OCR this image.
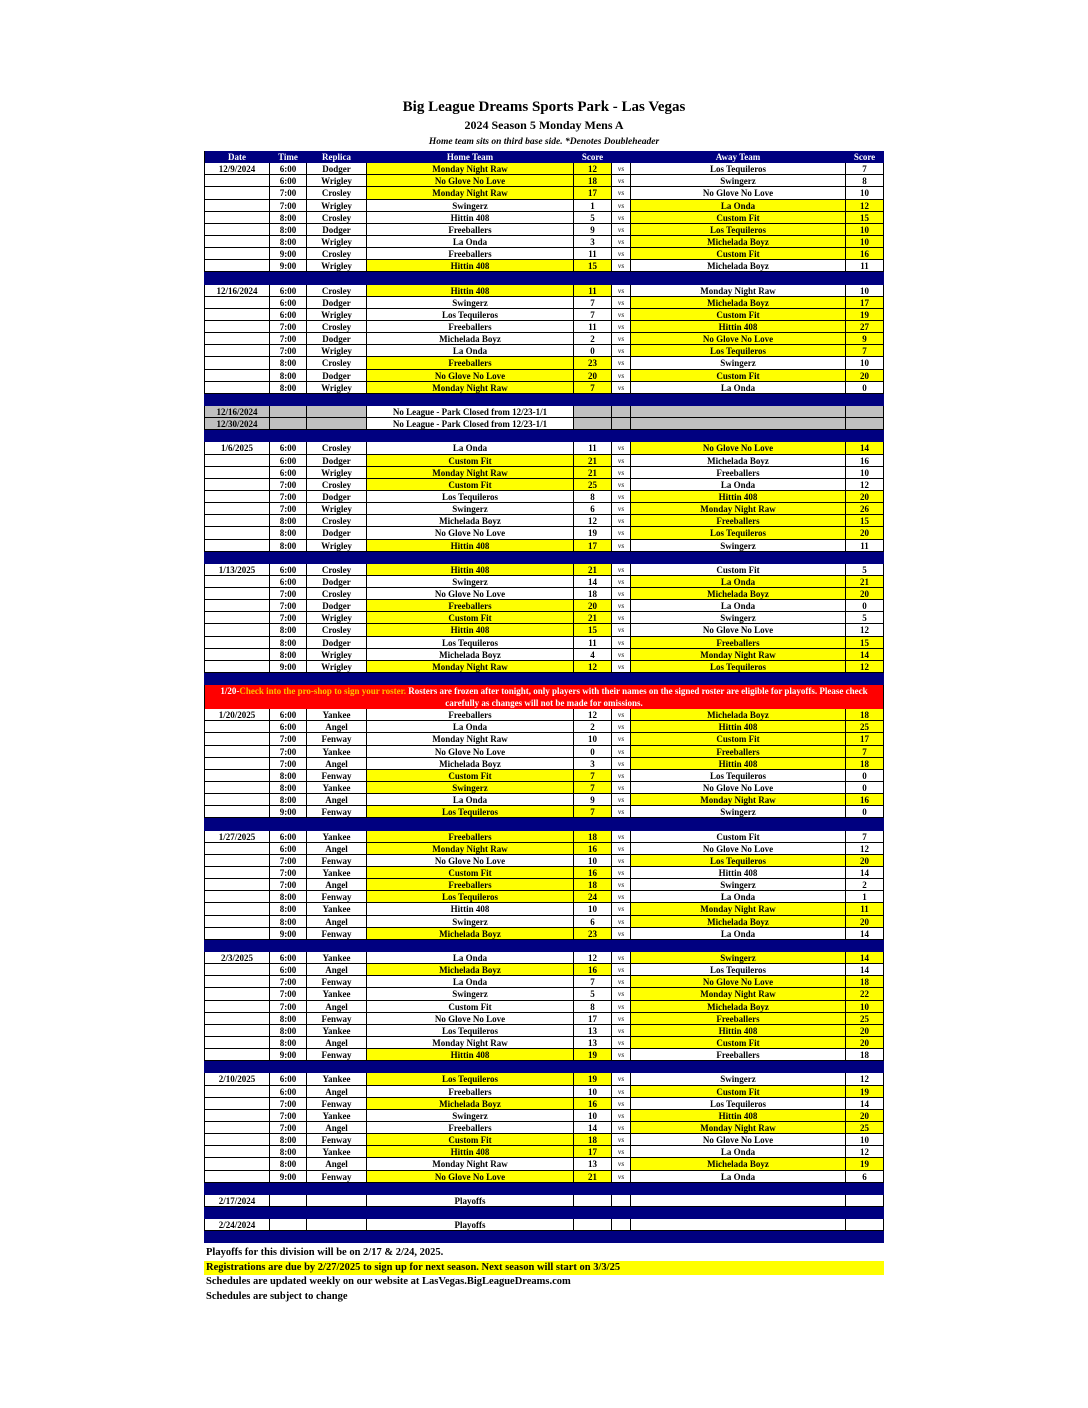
Big League Dreams Sports Park - Las Vegas
2024 Season 5 Monday Mens A
Home team sits on third base side. *Denotes Doubleheader
Date	Time	Replica	Home Team	Score	Away Team	Score
12/9/2024	6:00	Dodger	Monday Night Raw	12	vs	Los Tequileros	7
6:00	Wrigley	No Glove No Love	18	vs	Swingerz	8
7:00	Crosley	Monday Night Raw	17	vs	No Glove No Love	10
7:00	Wrigley	Swingerz	1	vs	La Onda	12
8:00	Crosley	Hittin 408	5	vs	Custom Fit	15
8:00	Dodger	Freeballers	9	vs	Los Tequileros	10
8:00	Wrigley	La Onda	3	vs	Michelada Boyz	10
9:00	Crosley	Freeballers	11	vs	Custom Fit	16
9:00	Wrigley	Hittin 408	15	vs	Michelada Boyz	11
12/16/2024	6:00	Crosley	Hittin 408	11	vs	Monday Night Raw	10
6:00	Dodger	Swingerz	7	vs	Michelada Boyz	17
6:00	Wrigley	Los Tequileros	7	vs	Custom Fit	19
7:00	Crosley	Freeballers	11	vs	Hittin 408	27
7:00	Dodger	Michelada Boyz	2	vs	No Glove No Love	9
7:00	Wrigley	La Onda	0	vs	Los Tequileros	7
8:00	Crosley	Freeballers	23	vs	Swingerz	10
8:00	Dodger	No Glove No Love	20	vs	Custom Fit	20
8:00	Wrigley	Monday Night Raw	7	vs	La Onda	0
12/16/2024	No League - Park Closed from 12/23-1/1
12/30/2024	No League - Park Closed from 12/23-1/1
1/6/2025	6:00	Crosley	La Onda	11	vs	No Glove No Love	14
6:00	Dodger	Custom Fit	21	vs	Michelada Boyz	16
6:00	Wrigley	Monday Night Raw	21	vs	Freeballers	10
7:00	Crosley	Custom Fit	25	vs	La Onda	12
7:00	Dodger	Los Tequileros	8	vs	Hittin 408	20
7:00	Wrigley	Swingerz	6	vs	Monday Night Raw	26
8:00	Crosley	Michelada Boyz	12	vs	Freeballers	15
8:00	Dodger	No Glove No Love	19	vs	Los Tequileros	20
8:00	Wrigley	Hittin 408	17	vs	Swingerz	11
1/13/2025	6:00	Crosley	Hittin 408	21	vs	Custom Fit	5
6:00	Dodger	Swingerz	14	vs	La Onda	21
7:00	Crosley	No Glove No Love	18	vs	Michelada Boyz	20
7:00	Dodger	Freeballers	20	vs	La Onda	0
7:00	Wrigley	Custom Fit	21	vs	Swingerz	5
8:00	Crosley	Hittin 408	15	vs	No Glove No Love	12
8:00	Dodger	Los Tequileros	11	vs	Freeballers	15
8:00	Wrigley	Michelada Boyz	4	vs	Monday Night Raw	14
9:00	Wrigley	Monday Night Raw	12	vs	Los Tequileros	12
1/20-Check into the pro-shop to sign your roster. Rosters are frozen after tonight, only players with their names on the signed roster are eligible for playoffs. Please check carefully as changes will not be made for omissions.
1/20/2025	6:00	Yankee	Freeballers	12	vs	Michelada Boyz	18
6:00	Angel	La Onda	2	vs	Hittin 408	25
7:00	Fenway	Monday Night Raw	10	vs	Custom Fit	17
7:00	Yankee	No Glove No Love	0	vs	Freeballers	7
7:00	Angel	Michelada Boyz	3	vs	Hittin 408	18
8:00	Fenway	Custom Fit	7	vs	Los Tequileros	0
8:00	Yankee	Swingerz	7	vs	No Glove No Love	0
8:00	Angel	La Onda	9	vs	Monday Night Raw	16
9:00	Fenway	Los Tequileros	7	vs	Swingerz	0
1/27/2025	6:00	Yankee	Freeballers	18	vs	Custom Fit	7
6:00	Angel	Monday Night Raw	16	vs	No Glove No Love	12
7:00	Fenway	No Glove No Love	10	vs	Los Tequileros	20
7:00	Yankee	Custom Fit	16	vs	Hittin 408	14
7:00	Angel	Freeballers	18	vs	Swingerz	2
8:00	Fenway	Los Tequileros	24	vs	La Onda	1
8:00	Yankee	Hittin 408	10	vs	Monday Night Raw	11
8:00	Angel	Swingerz	6	vs	Michelada Boyz	20
9:00	Fenway	Michelada Boyz	23	vs	La Onda	14
2/3/2025	6:00	Yankee	La Onda	12	vs	Swingerz	14
6:00	Angel	Michelada Boyz	16	vs	Los Tequileros	14
7:00	Fenway	La Onda	7	vs	No Glove No Love	18
7:00	Yankee	Swingerz	5	vs	Monday Night Raw	22
7:00	Angel	Custom Fit	8	vs	Michelada Boyz	10
8:00	Fenway	No Glove No Love	17	vs	Freeballers	25
8:00	Yankee	Los Tequileros	13	vs	Hittin 408	20
8:00	Angel	Monday Night Raw	13	vs	Custom Fit	20
9:00	Fenway	Hittin 408	19	vs	Freeballers	18
2/10/2025	6:00	Yankee	Los Tequileros	19	vs	Swingerz	12
6:00	Angel	Freeballers	10	vs	Custom Fit	19
7:00	Fenway	Michelada Boyz	16	vs	Los Tequileros	14
7:00	Yankee	Swingerz	10	vs	Hittin 408	20
7:00	Angel	Freeballers	14	vs	Monday Night Raw	25
8:00	Fenway	Custom Fit	18	vs	No Glove No Love	10
8:00	Yankee	Hittin 408	17	vs	La Onda	12
8:00	Angel	Monday Night Raw	13	vs	Michelada Boyz	19
9:00	Fenway	No Glove No Love	21	vs	La Onda	6
2/17/2024	Playoffs
2/24/2024	Playoffs
Playoffs for this division will be on 2/17 & 2/24, 2025.
Registrations are due by 2/27/2025 to sign up for next season. Next season will start on 3/3/25
Schedules are updated weekly on our website at LasVegas.BigLeagueDreams.com
Schedules are subject to change
